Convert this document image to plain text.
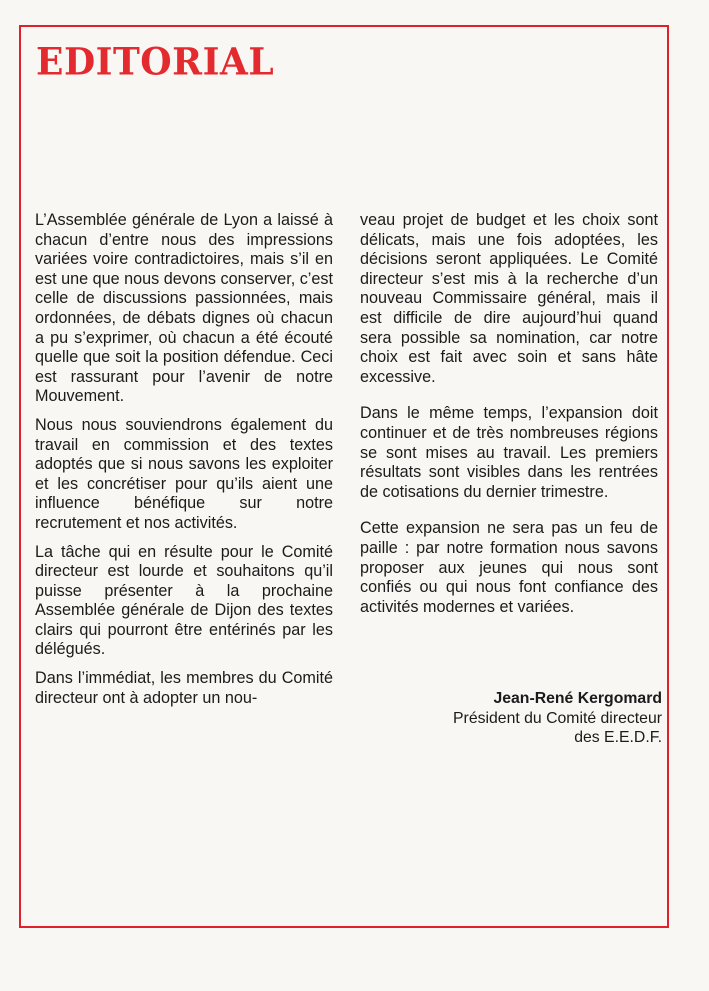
EDITORIAL

L’Assemblée générale de Lyon a laissé à chacun d’entre nous des impressions variées voire contradictoires, mais s’il en est une que nous devons conserver, c’est celle de discussions passionnées, mais ordonnées, de débats dignes où chacun a pu s’exprimer, où chacun a été écouté quelle que soit la position défendue. Ceci est rassurant pour l’avenir de notre Mouvement.

Nous nous souviendrons également du travail en commission et des textes adoptés que si nous savons les exploiter et les concrétiser pour qu’ils aient une influence bénéfique sur notre recrutement et nos activités.

La tâche qui en résulte pour le Comité directeur est lourde et souhaitons qu’il puisse présenter à la prochaine Assemblée générale de Dijon des textes clairs qui pourront être entérinés par les délégués.

Dans l’immédiat, les membres du Comité directeur ont à adopter un nou-

veau projet de budget et les choix sont délicats, mais une fois adoptées, les décisions seront appliquées. Le Comité directeur s’est mis à la recherche d’un nouveau Commissaire général, mais il est difficile de dire aujourd’hui quand sera possible sa nomination, car notre choix est fait avec soin et sans hâte excessive.

Dans le même temps, l’expansion doit continuer et de très nombreuses régions se sont mises au travail. Les premiers résultats sont visibles dans les rentrées de cotisations du dernier trimestre.

Cette expansion ne sera pas un feu de paille : par notre formation nous savons proposer aux jeunes qui nous sont confiés ou qui nous font confiance des activités modernes et variées.

Jean-René Kergomard
Président du Comité directeur
des E.E.D.F.
